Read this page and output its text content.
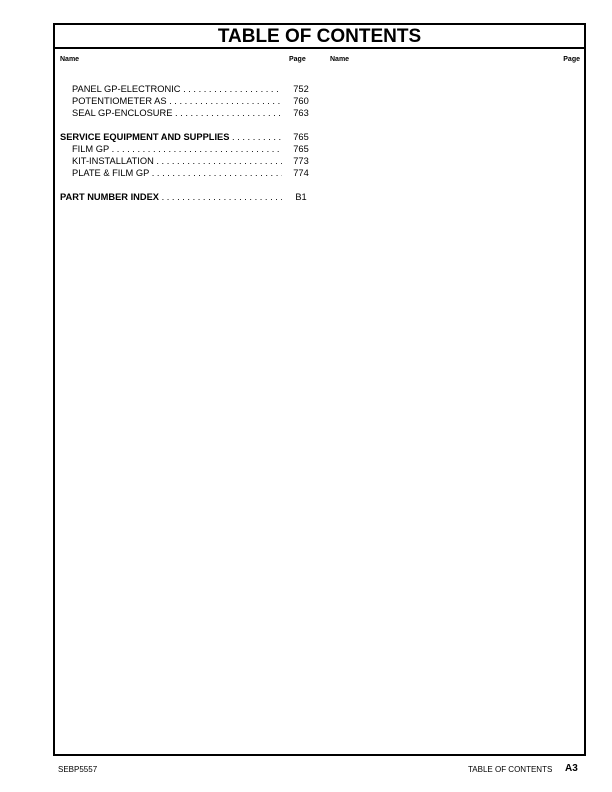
TABLE OF CONTENTS
Name	Page	Name	Page
PANEL GP-ELECTRONIC . . .	752
POTENTIOMETER AS . . .	760
SEAL GP-ENCLOSURE . . .	763
SERVICE EQUIPMENT AND SUPPLIES . . .	765
FILM GP . . .	765
KIT-INSTALLATION . . .	773
PLATE & FILM GP . . .	774
PART NUMBER INDEX . . .	B1
SEBP5557	TABLE OF CONTENTS A3
